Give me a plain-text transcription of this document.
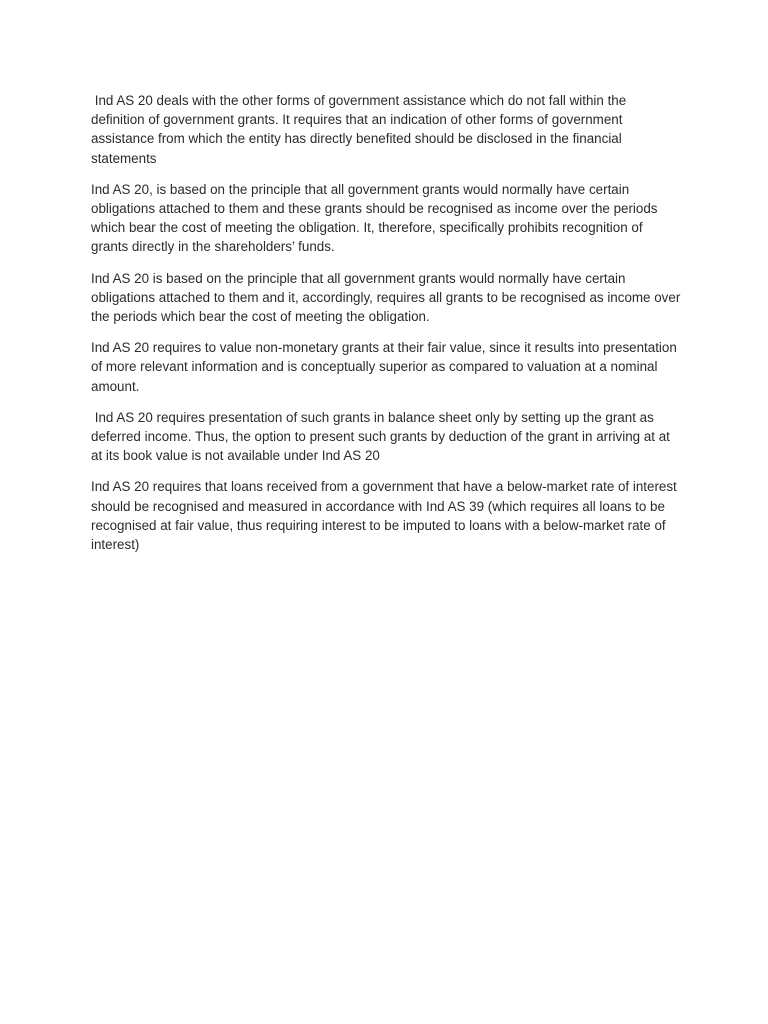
Ind AS 20 deals with the other forms of government assistance which do not fall within the definition of government grants. It requires that an indication of other forms of government assistance from which the entity has directly benefited should be disclosed in the financial statements

Ind AS 20, is based on the principle that all government grants would normally have certain obligations attached to them and these grants should be recognised as income over the periods which bear the cost of meeting the obligation. It, therefore, specifically prohibits recognition of grants directly in the shareholders’ funds.

Ind AS 20 is based on the principle that all government grants would normally have certain obligations attached to them and it, accordingly, requires all grants to be recognised as income over the periods which bear the cost of meeting the obligation.

Ind AS 20 requires to value non-monetary grants at their fair value, since it results into presentation of more relevant information and is conceptually superior as compared to valuation at a nominal amount.

Ind AS 20 requires presentation of such grants in balance sheet only by setting up the grant as deferred income. Thus, the option to present such grants by deduction of the grant in arriving at at at its book value is not available under Ind AS 20

Ind AS 20 requires that loans received from a government that have a below-market rate of interest should be recognised and measured in accordance with Ind AS 39 (which requires all loans to be recognised at fair value, thus requiring interest to be imputed to loans with a below-market rate of interest)
